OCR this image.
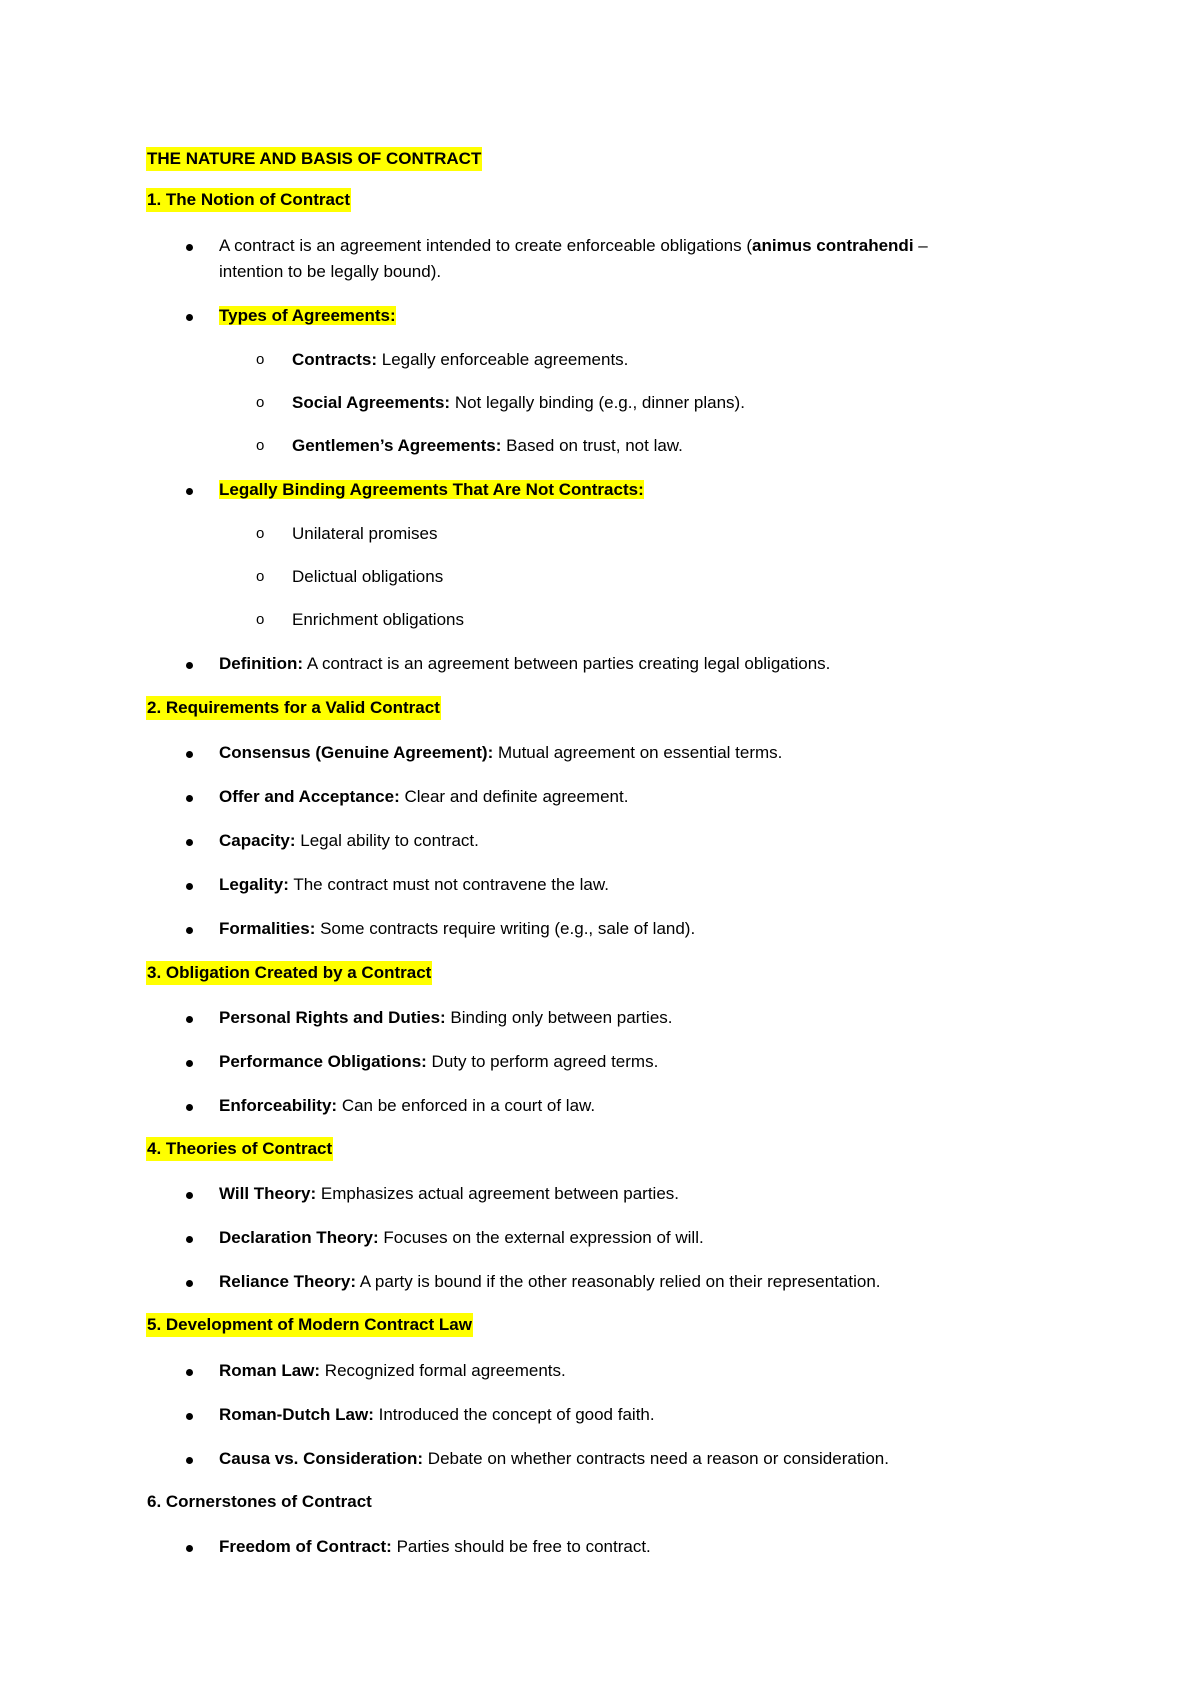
THE NATURE AND BASIS OF CONTRACT
1. The Notion of Contract
A contract is an agreement intended to create enforceable obligations (animus contrahendi –
intention to be legally bound).
Types of Agreements:
o Contracts: Legally enforceable agreements.
o Social Agreements: Not legally binding (e.g., dinner plans).
o Gentlemen’s Agreements: Based on trust, not law.
Legally Binding Agreements That Are Not Contracts:
o Unilateral promises
o Delictual obligations
o Enrichment obligations
Definition: A contract is an agreement between parties creating legal obligations.
2. Requirements for a Valid Contract
Consensus (Genuine Agreement): Mutual agreement on essential terms.
Offer and Acceptance: Clear and definite agreement.
Capacity: Legal ability to contract.
Legality: The contract must not contravene the law.
Formalities: Some contracts require writing (e.g., sale of land).
3. Obligation Created by a Contract
Personal Rights and Duties: Binding only between parties.
Performance Obligations: Duty to perform agreed terms.
Enforceability: Can be enforced in a court of law.
4. Theories of Contract
Will Theory: Emphasizes actual agreement between parties.
Declaration Theory: Focuses on the external expression of will.
Reliance Theory: A party is bound if the other reasonably relied on their representation.
5. Development of Modern Contract Law
Roman Law: Recognized formal agreements.
Roman-Dutch Law: Introduced the concept of good faith.
Causa vs. Consideration: Debate on whether contracts need a reason or consideration.
6. Cornerstones of Contract
Freedom of Contract: Parties should be free to contract.
